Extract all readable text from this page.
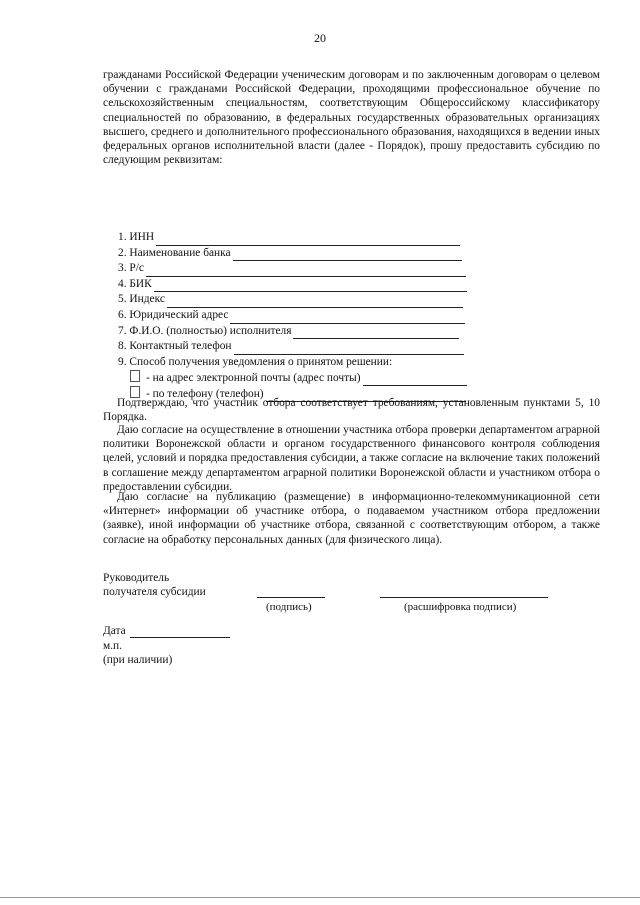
20

гражданами Российской Федерации ученическим договорам и по заключенным договорам о целевом обучении с гражданами Российской Федерации, проходящими профессиональное обучение по сельскохозяйственным специальностям, соответствующим Общероссийскому классификатору специальностей по образованию, в федеральных государственных образовательных организациях высшего, среднего и дополнительного профессионального образования, находящихся в ведении иных федеральных органов исполнительной власти (далее - Порядок), прошу предоставить субсидию по следующим реквизитам:

1. ИНН
2. Наименование банка
3. Р/с
4. БИК
5. Индекс
6. Юридический адрес
7. Ф.И.О. (полностью) исполнителя
8. Контактный телефон
9. Способ получения уведомления о принятом решении:
- на адрес электронной почты (адрес почты)
- по телефону (телефон)

Подтверждаю, что участник отбора соответствует требованиям, установленным пунктами 5, 10 Порядка.

Даю согласие на осуществление в отношении участника отбора проверки департаментом аграрной политики Воронежской области и органом государственного финансового контроля соблюдения целей, условий и порядка предоставления субсидии, а также согласие на включение таких положений в соглашение между департаментом аграрной политики Воронежской области и участником отбора о предоставлении субсидии.

Даю согласие на публикацию (размещение) в информационно-телекоммуникационной сети «Интернет» информации об участнике отбора, о подаваемом участником отбора предложении (заявке), иной информации об участнике отбора, связанной с соответствующим отбором, а также согласие на обработку персональных данных (для физического лица).

Руководитель
получателя субсидии
(подпись)	(расшифровка подписи)
Дата
м.п.
(при наличии)
